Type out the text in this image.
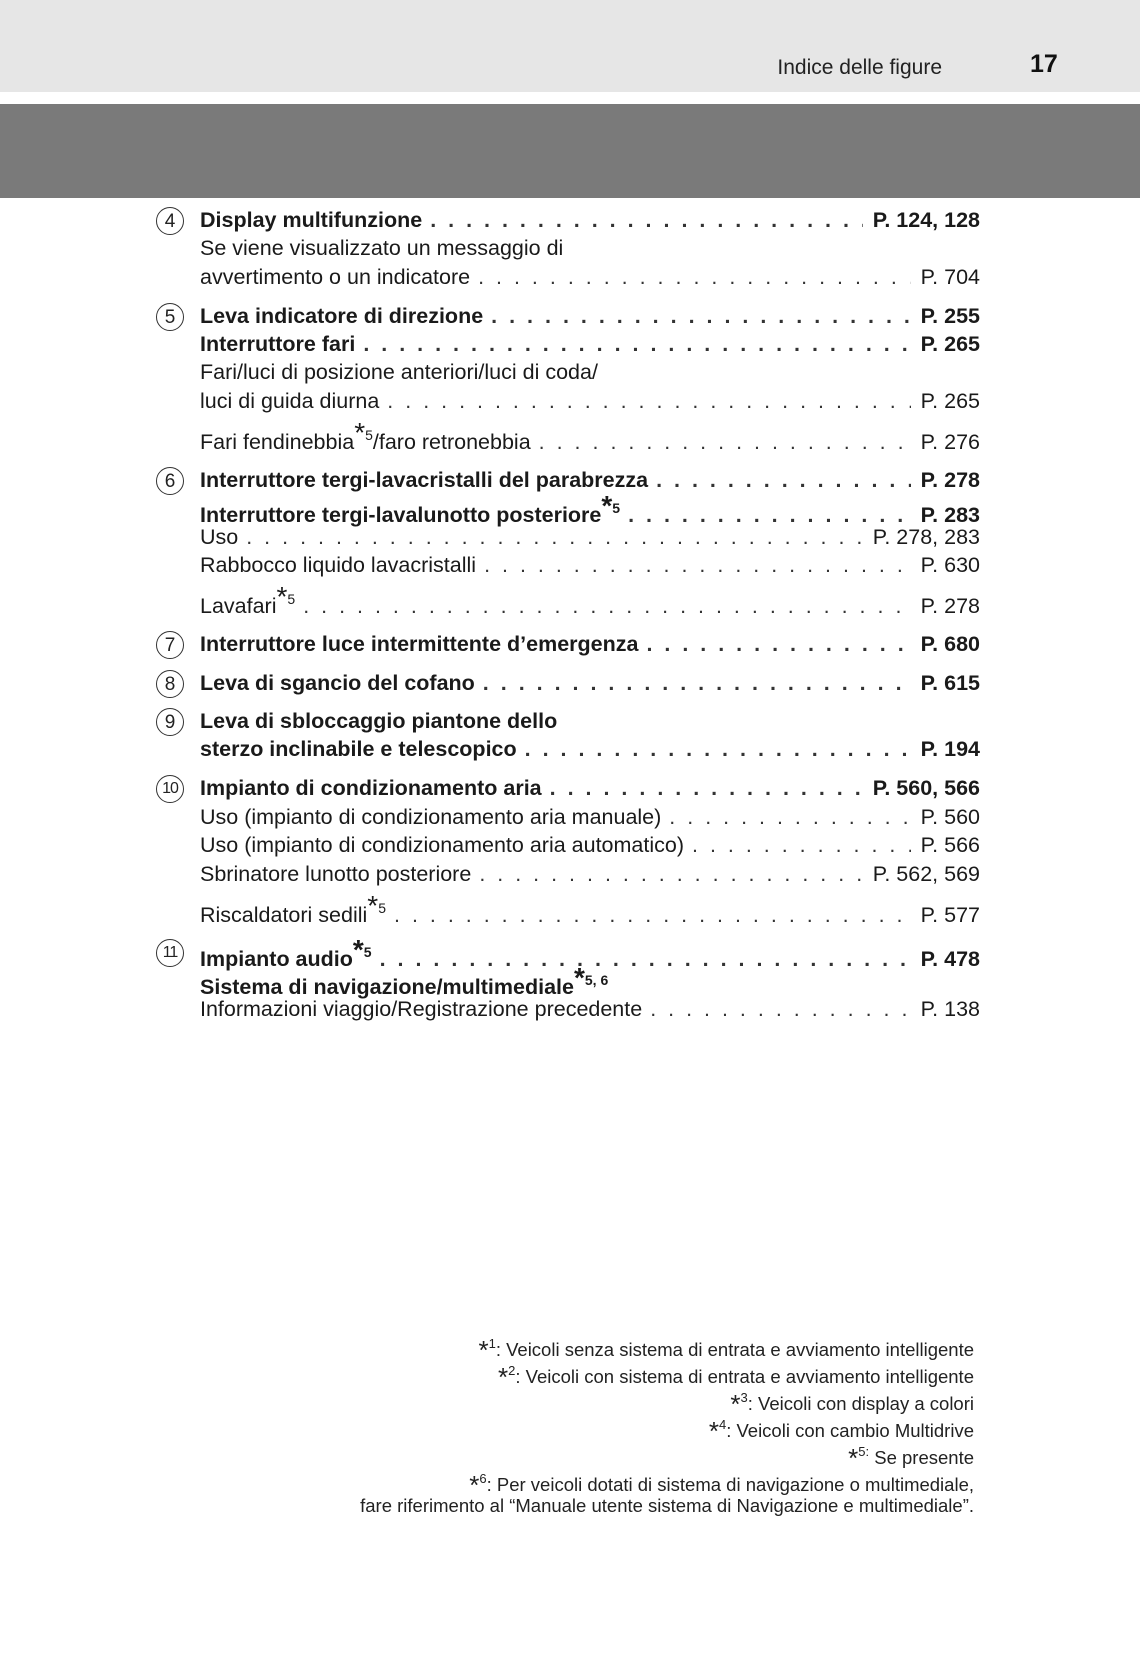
Indice delle figure	17
4	Display multifunzione . . .	P. 124, 128
Se viene visualizzato un messaggio di
avvertimento o un indicatore . . .	P. 704
5	Leva indicatore di direzione . . .	P. 255
Interruttore fari . . .	P. 265
Fari/luci di posizione anteriori/luci di coda/
luci di guida diurna . . .	P. 265
Fari fendinebbia$^{*5}$/faro retronebbia . . .	P. 276
6	Interruttore tergi-lavacristalli del parabrezza . . .	P. 278
Interruttore tergi-lavalunotto posteriore$^{*5}$ . . .	P. 283
Uso . . .	P. 278, 283
Rabbocco liquido lavacristalli . . .	P. 630
Lavafari$^{*5}$ . . .	P. 278
7	Interruttore luce intermittente d’emergenza . . .	P. 680
8	Leva di sgancio del cofano . . .	P. 615
9	Leva di sbloccaggio piantone dello
sterzo inclinabile e telescopico . . .	P. 194
10 Impianto di condizionamento aria . . .	P. 560, 566
Uso (impianto di condizionamento aria manuale) . . .	P. 560
Uso (impianto di condizionamento aria automatico) . . .	P. 566
Sbrinatore lunotto posteriore . . .	P. 562, 569
Riscaldatori sedili$^{*5}$ . . .	P. 577
11	Impianto audio$^{*5}$ . . .	P. 478
Sistema di navigazione/multimediale$^{*5, 6}$
Informazioni viaggio/Registrazione precedente . . .	P. 138
*$^1$: Veicoli senza sistema di entrata e avviamento intelligente
*$^2$: Veicoli con sistema di entrata e avviamento intelligente
*$^3$: Veicoli con display a colori
*$^4$: Veicoli con cambio Multidrive
*$^{5:}$ Se presente
*$^6$: Per veicoli dotati di sistema di navigazione o multimediale,
fare riferimento al “Manuale utente sistema di Navigazione e multimediale”.
